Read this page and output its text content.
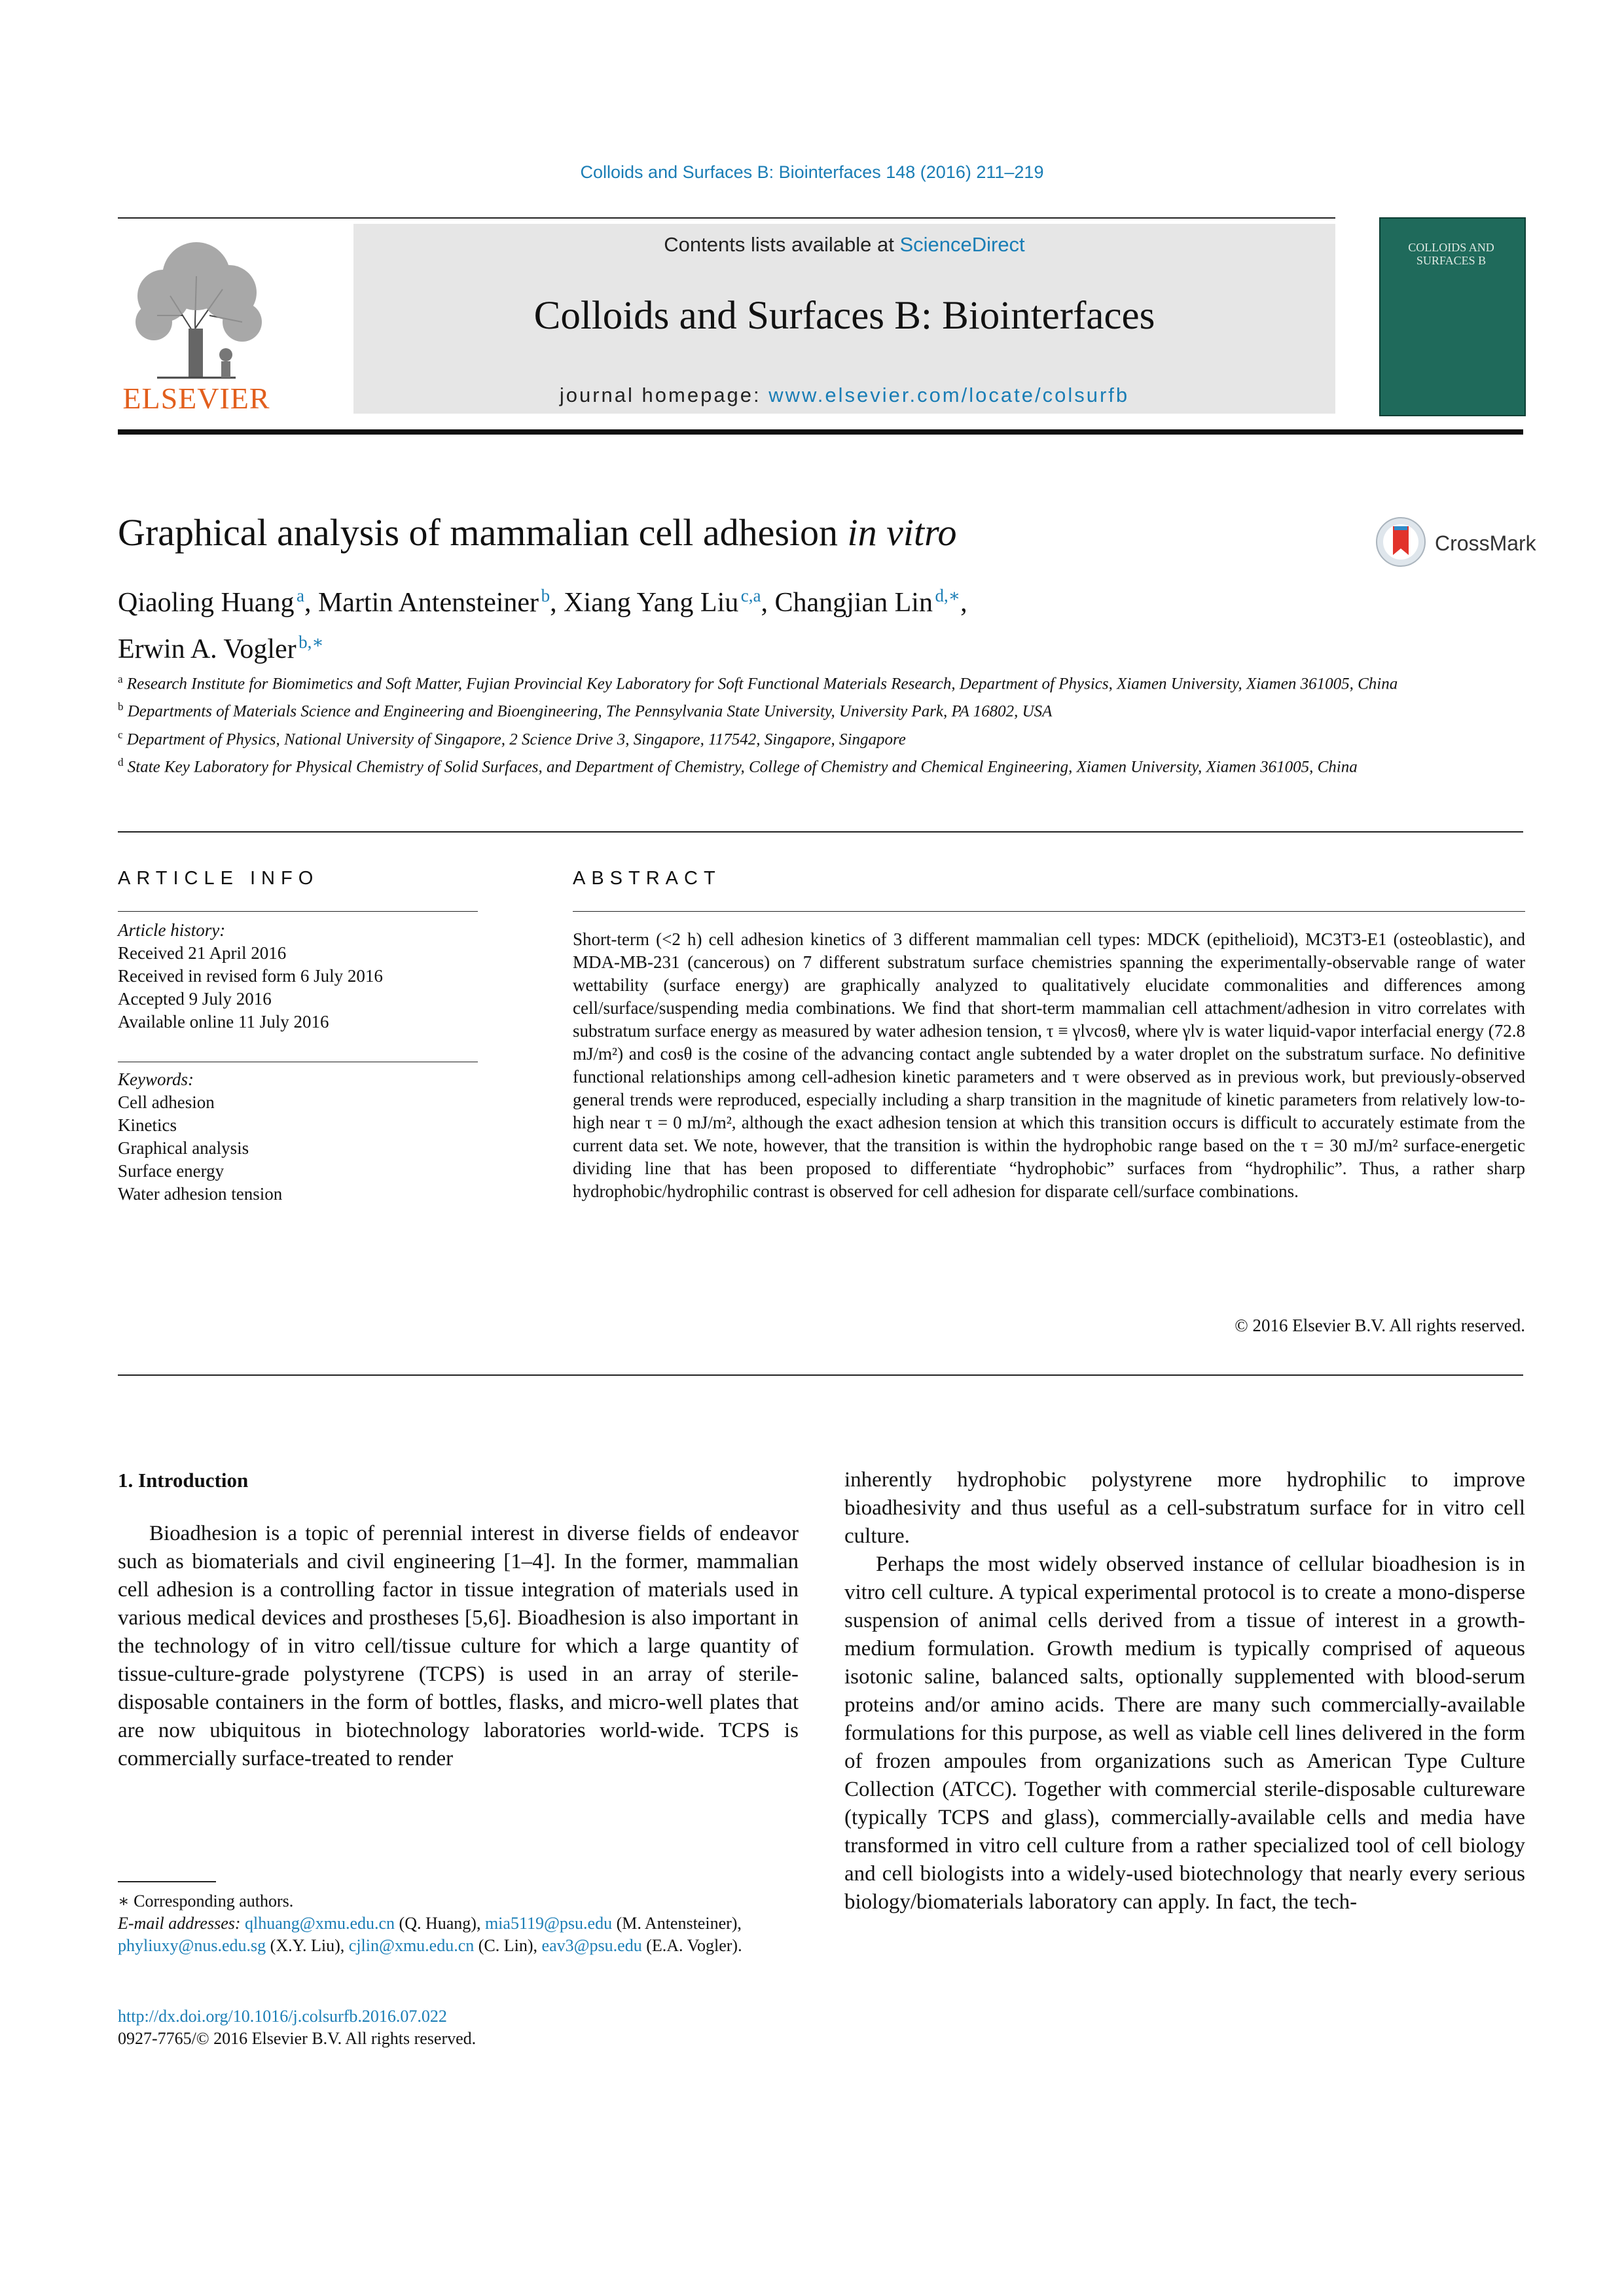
Colloids and Surfaces B: Biointerfaces 148 (2016) 211–219
ELSEVIER
Contents lists available at ScienceDirect
Colloids and Surfaces B: Biointerfaces
journal homepage: www.elsevier.com/locate/colsurfb
COLLOIDS AND SURFACES B
Graphical analysis of mammalian cell adhesion in vitro	CrossMark
Qiaoling Huang  $^a$, Martin Antensteiner  $^b$, Xiang Yang Liu  $^{c,a}$, Changjian Lin  $^{d,∗}$,
Erwin A. Vogler  $^{b,∗}$

$^a$ Research Institute for Biomimetics and Soft Matter, Fujian Provincial Key Laboratory for Soft Functional Materials Research, Department of Physics, Xiamen University, Xiamen 361005, China

$^b$ Departments of Materials Science and Engineering and Bioengineering, The Pennsylvania State University, University Park, PA 16802, USA

$^c$ Department of Physics, National University of Singapore, 2 Science Drive 3, Singapore, 117542, Singapore, Singapore

$^d$ State Key Laboratory for Physical Chemistry of Solid Surfaces, and Department of Chemistry, College of Chemistry and Chemical Engineering, Xiamen University, Xiamen 361005, China

ARTICLE INFO
Article history:
Received 21 April 2016
Received in revised form 6 July 2016
Accepted 9 July 2016
Available online 11 July 2016
Keywords:
Cell adhesion
Kinetics
Graphical analysis
Surface energy
Water adhesion tension
ABSTRACT

Short-term (<2 h) cell adhesion kinetics of 3 different mammalian cell types: MDCK (epithelioid), MC3T3-E1 (osteoblastic), and MDA-MB-231 (cancerous) on 7 different substratum surface chemistries spanning the experimentally-observable range of water wettability (surface energy) are graphically analyzed to qualitatively elucidate commonalities and differences among cell/surface/suspending media combinations. We find that short-term mammalian cell attachment/adhesion in vitro correlates with substratum surface energy as measured by water adhesion tension, τ ≡ γlvcosθ, where γlv is water liquid-vapor interfacial energy (72.8 mJ/m²) and cosθ is the cosine of the advancing contact angle subtended by a water droplet on the substratum surface. No definitive functional relationships among cell-adhesion kinetic parameters and τ were observed as in previous work, but previously-observed general trends were reproduced, especially including a sharp transition in the magnitude of kinetic parameters from relatively low-to-high near τ = 0 mJ/m², although the exact adhesion tension at which this transition occurs is difficult to accurately estimate from the current data set. We note, however, that the transition is within the hydrophobic range based on the τ = 30 mJ/m² surface-energetic dividing line that has been proposed to differentiate “hydrophobic” surfaces from “hydrophilic”. Thus, a rather sharp hydrophobic/hydrophilic contrast is observed for cell adhesion for disparate cell/surface combinations.

© 2016 Elsevier B.V. All rights reserved.
1. Introduction

Bioadhesion is a topic of perennial interest in diverse fields of endeavor such as biomaterials and civil engineering [1–4]. In the former, mammalian cell adhesion is a controlling factor in tissue integration of materials used in various medical devices and prostheses [5,6]. Bioadhesion is also important in the technology of in vitro cell/tissue culture for which a large quantity of tissue-culture-grade polystyrene (TCPS) is used in an array of sterile-disposable containers in the form of bottles, flasks, and micro-well plates that are now ubiquitous in biotechnology laboratories world-wide. TCPS is commercially surface-treated to render

inherently hydrophobic polystyrene more hydrophilic to improve bioadhesivity and thus useful as a cell-substratum surface for in vitro cell culture.

Perhaps the most widely observed instance of cellular bioadhesion is in vitro cell culture. A typical experimental protocol is to create a mono-disperse suspension of animal cells derived from a tissue of interest in a growth-medium formulation. Growth medium is typically comprised of aqueous isotonic saline, balanced salts, optionally supplemented with blood-serum proteins and/or amino acids. There are many such commercially-available formulations for this purpose, as well as viable cell lines delivered in the form of frozen ampoules from organizations such as American Type Culture Collection (ATCC). Together with commercial sterile-disposable cultureware (typically TCPS and glass), commercially-available cells and media have transformed in vitro cell culture from a rather specialized tool of cell biology and cell biologists into a widely-used biotechnology that nearly every serious biology/biomaterials laboratory can apply. In fact, the tech-

∗ Corresponding authors.

E-mail addresses: qlhuang@xmu.edu.cn (Q. Huang), mia5119@psu.edu (M. Antensteiner), phyliuxy@nus.edu.sg (X.Y. Liu), cjlin@xmu.edu.cn (C. Lin), eav3@psu.edu (E.A. Vogler).

http://dx.doi.org/10.1016/j.colsurfb.2016.07.022
0927-7765/© 2016 Elsevier B.V. All rights reserved.
